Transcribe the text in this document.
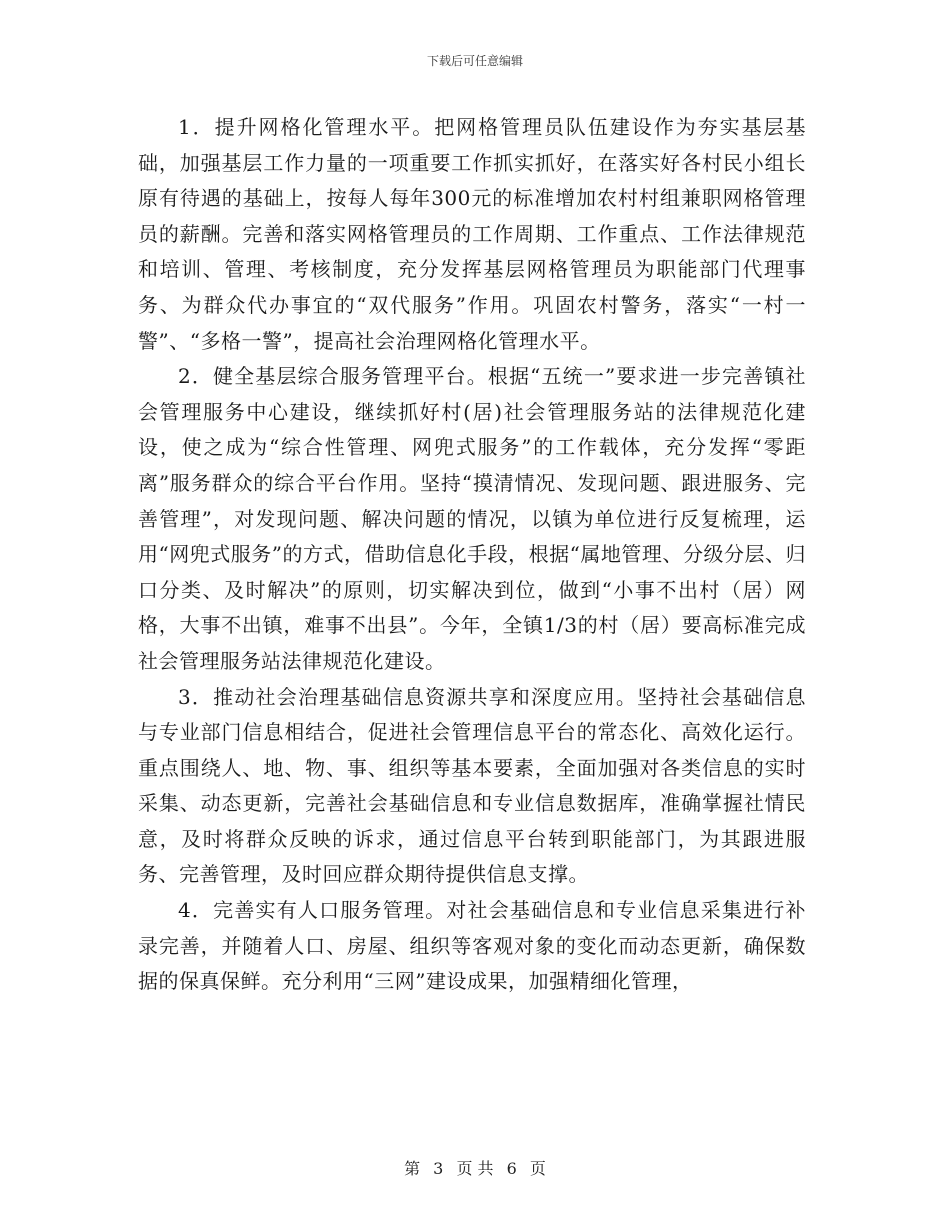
下载后可任意编辑

1．提升网格化管理水平。把网格管理员队伍建设作为夯实基层基础，加强基层工作力量的一项重要工作抓实抓好，在落实好各村民小组长原有待遇的基础上，按每人每年300元的标准增加农村村组兼职网格管理员的薪酬。完善和落实网格管理员的工作周期、工作重点、工作法律规范和培训、管理、考核制度，充分发挥基层网格管理员为职能部门代理事务、为群众代办事宜的“双代服务”作用。巩固农村警务，落实“一村一警”、“多格一警”，提高社会治理网格化管理水平。

2．健全基层综合服务管理平台。根据“五统一”要求进一步完善镇社会管理服务中心建设，继续抓好村(居)社会管理服务站的法律规范化建设，使之成为“综合性管理、网兜式服务”的工作载体，充分发挥“零距离”服务群众的综合平台作用。坚持“摸清情况、发现问题、跟进服务、完善管理”，对发现问题、解决问题的情况，以镇为单位进行反复梳理，运用“网兜式服务”的方式，借助信息化手段，根据“属地管理、分级分层、归口分类、及时解决”的原则，切实解决到位，做到“小事不出村（居）网格，大事不出镇，难事不出县”。今年，全镇1/3的村（居）要高标准完成社会管理服务站法律规范化建设。

3．推动社会治理基础信息资源共享和深度应用。坚持社会基础信息与专业部门信息相结合，促进社会管理信息平台的常态化、高效化运行。重点围绕人、地、物、事、组织等基本要素，全面加强对各类信息的实时采集、动态更新，完善社会基础信息和专业信息数据库，准确掌握社情民意，及时将群众反映的诉求，通过信息平台转到职能部门，为其跟进服务、完善管理，及时回应群众期待提供信息支撑。

4．完善实有人口服务管理。对社会基础信息和专业信息采集进行补录完善，并随着人口、房屋、组织等客观对象的变化而动态更新，确保数据的保真保鲜。充分利用“三网”建设成果，加强精细化管理，

第 3 页 共 6 页
